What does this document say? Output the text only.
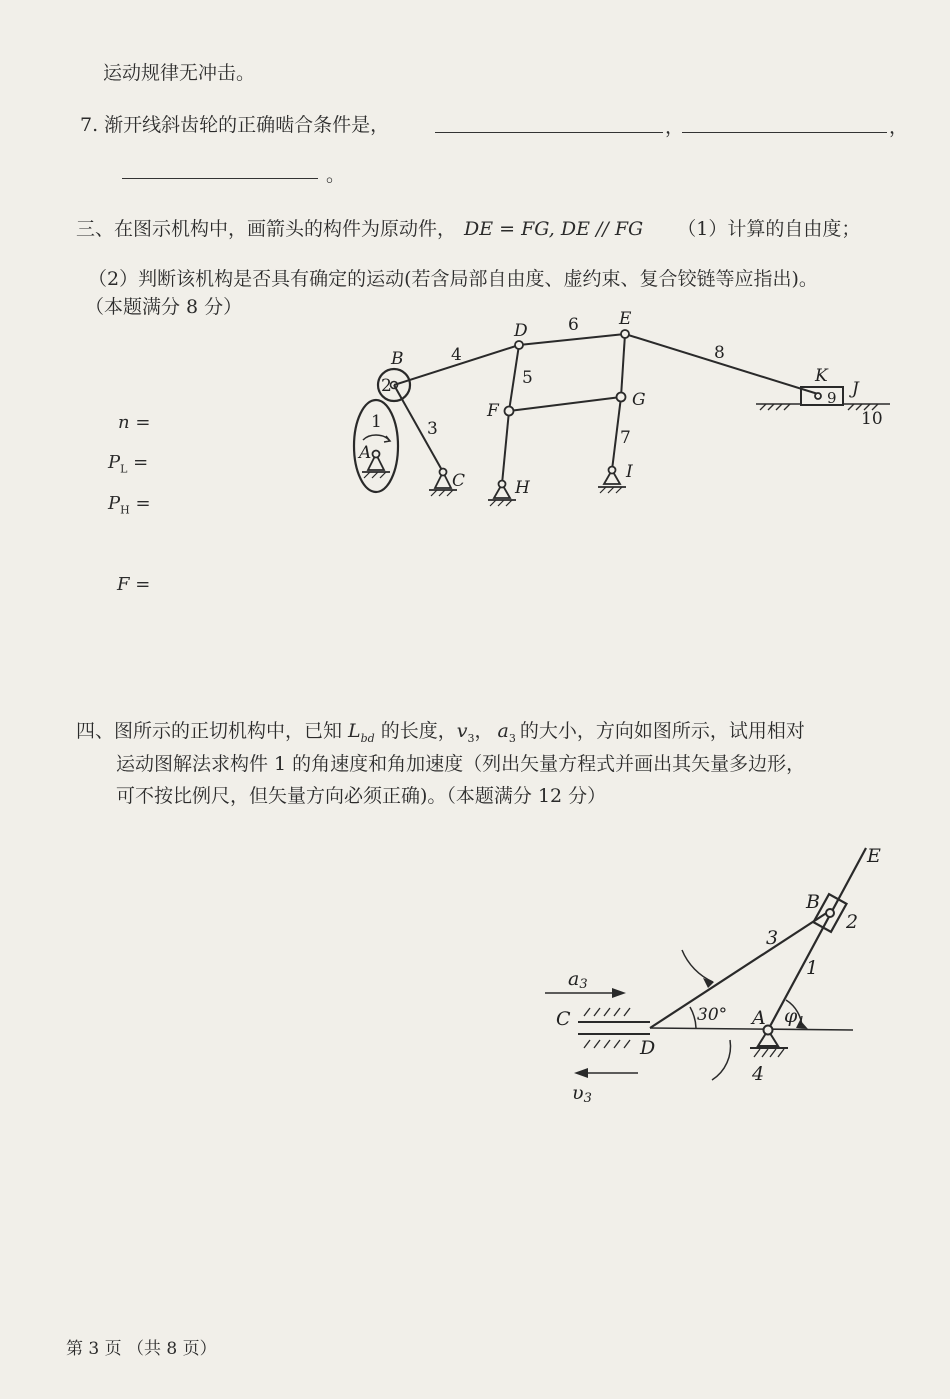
运动规律无冲击。
7. 渐开线斜齿轮的正确啮合条件是，	，	，
。
三、在图示机构中，画箭头的构件为原动件， DE = FG, DE // FG （1）计算的自由度；
（2）判断该机构是否具有确定的运动(若含局部自由度、虚约束、复合铰链等应指出)。
（本题满分 8 分）
n =
$P_L$ =
$P_H$ =
F =
B
D
E
F
G
H
I
J
K
A
C
1
2
3
4
5
6
7
8
9
10
四、图所示的正切机构中，已知 $L_{bd}$ 的长度，$v_3$， $a_3$ 的大小，方向如图所示，试用相对
运动图解法求构件 1 的角速度和角加速度（列出矢量方程式并画出其矢量多边形，
可不按比例尺，但矢量方向必须正确)。（本题满分 12 分）
E
B
2
3
1
a3
C
D
30° A φ1
4
υ3
第 3 页 （共 8 页）
